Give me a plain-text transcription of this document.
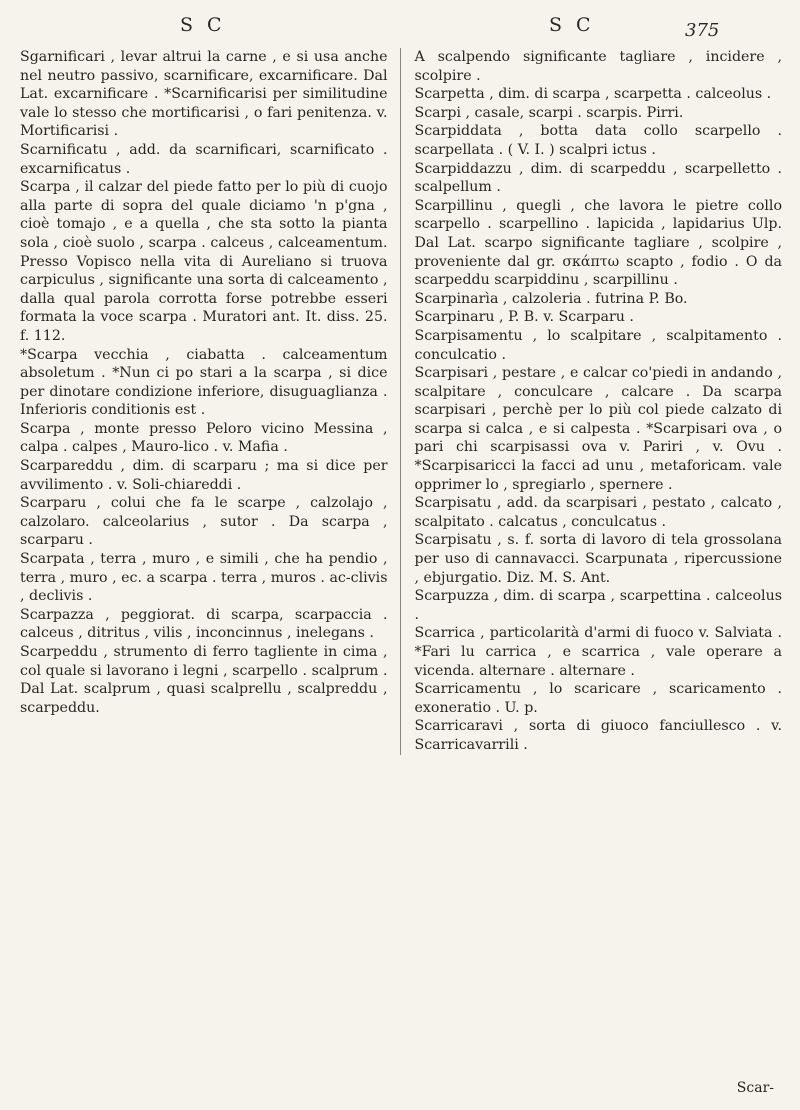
S C	S C	375

Sgarnificari , levar altrui la carne , e si usa anche nel neutro passivo, scarnificare, excarnificare. Dal Lat. excarnificare . *Scarnificarisi per similitudine vale lo stesso che mortificarisi , o fari penitenza. v. Mortificarisi .

Scarnificatu , add. da scarnificari, scarnificato . excarnificatus .

Scarpa , il calzar del piede fatto per lo più di cuojo alla parte di sopra del quale diciamo 'n p'gna , cioè tomajo , e a quella , che sta sotto la pianta sola , cioè suolo , scarpa . calceus , calceamentum. Presso Vopisco nella vita di Aureliano si truova carpiculus , significante una sorta di calceamento , dalla qual parola corrotta forse potrebbe esseri formata la voce scarpa . Muratori ant. It. diss. 25. f. 112.

*Scarpa vecchia , ciabatta . calceamentum absoletum . *Nun ci po stari a la scarpa , si dice per dinotare condizione inferiore, disuguaglianza . Inferioris conditionis est .

Scarpa , monte presso Peloro vicino Messina , calpa . calpes , Mauro-lico . v. Mafia .

Scarpareddu , dim. di scarparu ; ma si dice per avvilimento . v. Soli-chiareddi .

Scarparu , colui che fa le scarpe , calzolajo , calzolaro. calceolarius , sutor . Da scarpa , scarparu .

Scarpata , terra , muro , e simili , che ha pendio , terra , muro , ec. a scarpa . terra , muros . ac-clivis , declivis .

Scarpazza , peggiorat. di scarpa, scarpaccia . calceus , ditritus , vilis , inconcinnus , inelegans .

Scarpeddu , strumento di ferro tagliente in cima , col quale si lavorano i legni , scarpello . scalprum . Dal Lat. scalprum , quasi scalprellu , scalpreddu , scarpeddu.

A scalpendo significante tagliare , incidere , scolpire .

Scarpetta , dim. di scarpa , scarpetta . calceolus .

Scarpi , casale, scarpi . scarpis. Pirri.

Scarpiddata , botta data collo scarpello . scarpellata . ( V. I. ) scalpri ictus .

Scarpiddazzu , dim. di scarpeddu , scarpelletto . scalpellum .

Scarpillinu , quegli , che lavora le pietre collo scarpello . scarpellino . lapicida , lapidarius Ulp. Dal Lat. scarpo significante tagliare , scolpire , proveniente dal gr. σκάπτω scapto , fodio . O da scarpeddu scarpiddinu , scarpillinu .

Scarpinarìa , calzoleria . futrina P. Bo.

Scarpinaru , P. B. v. Scarparu .

Scarpisamentu , lo scalpitare , scalpitamento . conculcatio .

Scarpisari , pestare , e calcar co'piedi in andando , scalpitare , conculcare , calcare . Da scarpa scarpisari , perchè per lo più col piede calzato di scarpa si calca , e si calpesta . *Scarpisari ova , o pari chi scarpisassi ova v. Pariri , v. Ovu . *Scarpisaricci la facci ad unu , metaforicam. vale opprimer lo , spregiarlo , spernere .

Scarpisatu , add. da scarpisari , pestato , calcato , scalpitato . calcatus , conculcatus .

Scarpisatu , s. f. sorta di lavoro di tela grossolana per uso di cannavacci. Scarpunata , ripercussione , ebjurgatio. Diz. M. S. Ant.

Scarpuzza , dim. di scarpa , scarpettina . calceolus .

Scarrica , particolarità d'armi di fuoco v. Salviata . *Fari lu carrica , e scarrica , vale operare a vicenda. alternare . alternare .

Scarricamentu , lo scaricare , scaricamento . exoneratio . U. p.

Scarricaravi , sorta di giuoco fanciullesco . v. Scarricavarrili .

Scar-
